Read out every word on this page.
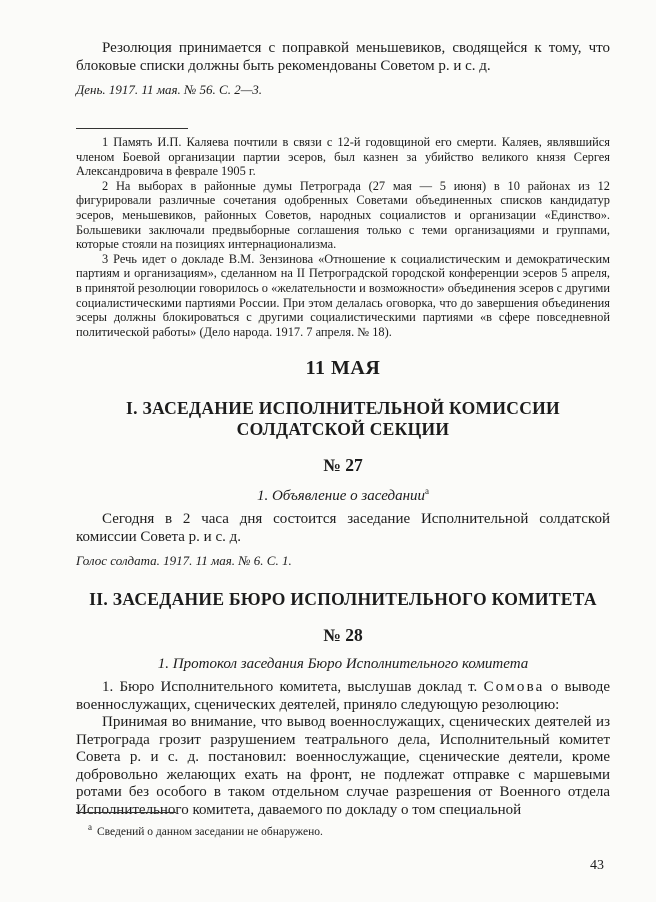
Резолюция принимается с поправкой меньшевиков, сводящейся к тому, что блоковые списки должны быть рекомендованы Советом р. и с. д.

День. 1917. 11 мая. № 56. С. 2—3.

1 Память И.П. Каляева почтили в связи с 12-й годовщиной его смерти. Каляев, являвшийся членом Боевой организации партии эсеров, был казнен за убийство великого князя Сергея Александровича в феврале 1905 г.

2 На выборах в районные думы Петрограда (27 мая — 5 июня) в 10 районах из 12 фигурировали различные сочетания одобренных Советами объединенных списков кандидатур эсеров, меньшевиков, районных Советов, народных социалистов и организации «Единство». Большевики заключали предвыборные соглашения только с теми организациями и группами, которые стояли на позициях интернационализма.

3 Речь идет о докладе В.М. Зензинова «Отношение к социалистическим и демократическим партиям и организациям», сделанном на II Петроградской городской конференции эсеров 5 апреля, в принятой резолюции говорилось о «желательности и возможности» объединения эсеров с другими социалистическими партиями России. При этом делалась оговорка, что до завершения объединения эсеры должны блокироваться с другими социалистическими партиями «в сфере повседневной политической работы» (Дело народа. 1917. 7 апреля. № 18).

11 МАЯ
I. ЗАСЕДАНИЕ ИСПОЛНИТЕЛЬНОЙ КОМИССИИ СОЛДАТСКОЙ СЕКЦИИ
№ 27
1. Объявление о заседании$^а$

Сегодня в 2 часа дня состоится заседание Исполнительной солдатской комиссии Совета р. и с. д.

Голос солдата. 1917. 11 мая. № 6. С. 1.

II. ЗАСЕДАНИЕ БЮРО ИСПОЛНИТЕЛЬНОГО КОМИТЕТА
№ 28
1. Протокол заседания Бюро Исполнительного комитета

1. Бюро Исполнительного комитета, выслушав доклад т. Сомова о выводе военнослужащих, сценических деятелей, приняло следующую резолюцию:

Принимая во внимание, что вывод военнослужащих, сценических деятелей из Петрограда грозит разрушением театрального дела, Исполнительный комитет Совета р. и с. д. постановил: военнослужащие, сценические деятели, кроме добровольно желающих ехать на фронт, не подлежат отправке с маршевыми ротами без особого в таком отдельном случае разрешения от Военного отдела Исполнительного комитета, даваемого по докладу о том специальной

$^а$ Сведений о данном заседании не обнаружено.
43
